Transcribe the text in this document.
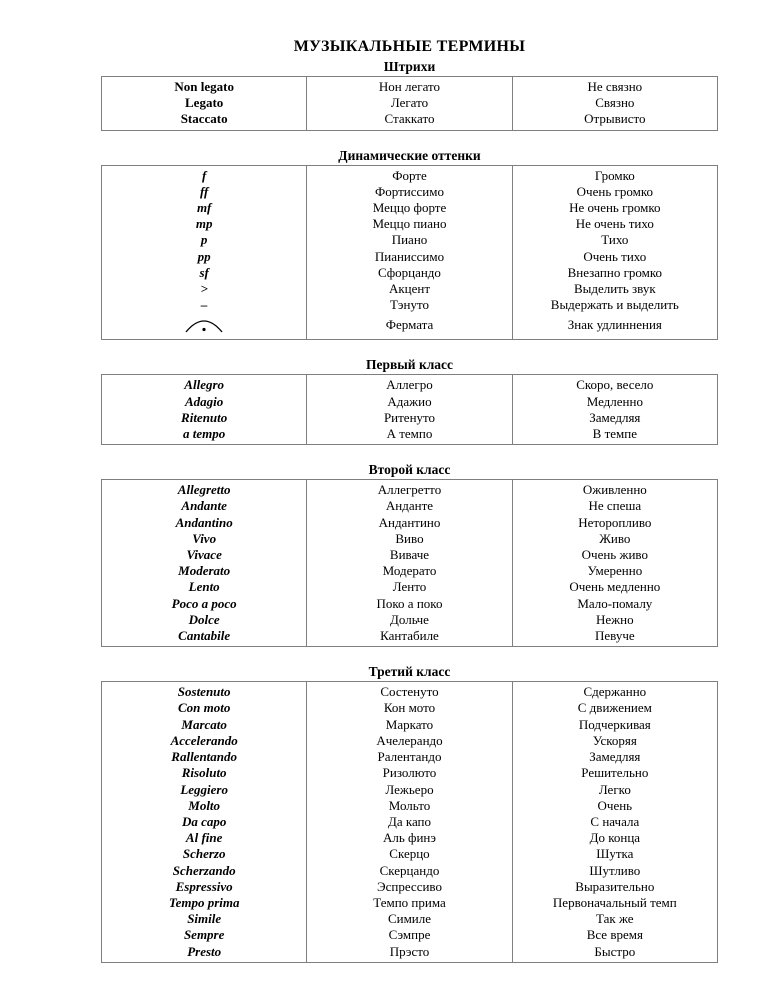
МУЗЫКАЛЬНЫЕ ТЕРМИНЫ
Штрихи
Non legato	Нон легато	Не связно
Legato	Легато	Связно
Staccato	Стаккато	Отрывисто
Динамические оттенки
f	Форте	Громко
ff	Фортиссимо	Очень громко
mf	Меццо форте	Не очень громко
mp	Меццо пиано	Не очень тихо
p	Пиано	Тихо
pp	Пианиссимо	Очень тихо
sf	Сфорцандо	Внезапно громко
>	Акцент	Выделить звук
–	Тэнуто	Выдержать и выделить
	Фермата	Знак удлиннения
Первый класс
Allegro	Аллегро	Скоро, весело
Adagio	Адажио	Медленно
Ritenuto	Ритенуто	Замедляя
a tempo	А темпо	В темпе
Второй класс
Allegretto	Аллегретто	Оживленно
Andante	Анданте	Не спеша
Andantino	Андантино	Неторопливо
Vivo	Виво	Живо
Vivace	Виваче	Очень живо
Moderato	Модерато	Умеренно
Lento	Ленто	Очень медленно
Poco a poco	Поко а поко	Мало-помалу
Dolce	Дольче	Нежно
Cantabile	Кантабиле	Певуче
Третий класс
Sostenuto	Состенуто	Сдержанно
Con moto	Кон мото	С движением
Marcato	Маркато	Подчеркивая
Accelerando	Ачелерандо	Ускоряя
Rallentando	Ралентандо	Замедляя
Risoluto	Ризолюто	Решительно
Leggiero	Лежьеро	Легко
Molto	Мольто	Очень
Da capo	Да капо	С начала
Al fine	Аль финэ	До конца
Scherzo	Скерцо	Шутка
Scherzando	Скерцандо	Шутливо
Espressivo	Эспрессиво	Выразительно
Tempo prima	Темпо прима	Первоначальный темп
Simile	Симиле	Так же
Sempre	Сэмпре	Все время
Presto	Прэсто	Быстро
